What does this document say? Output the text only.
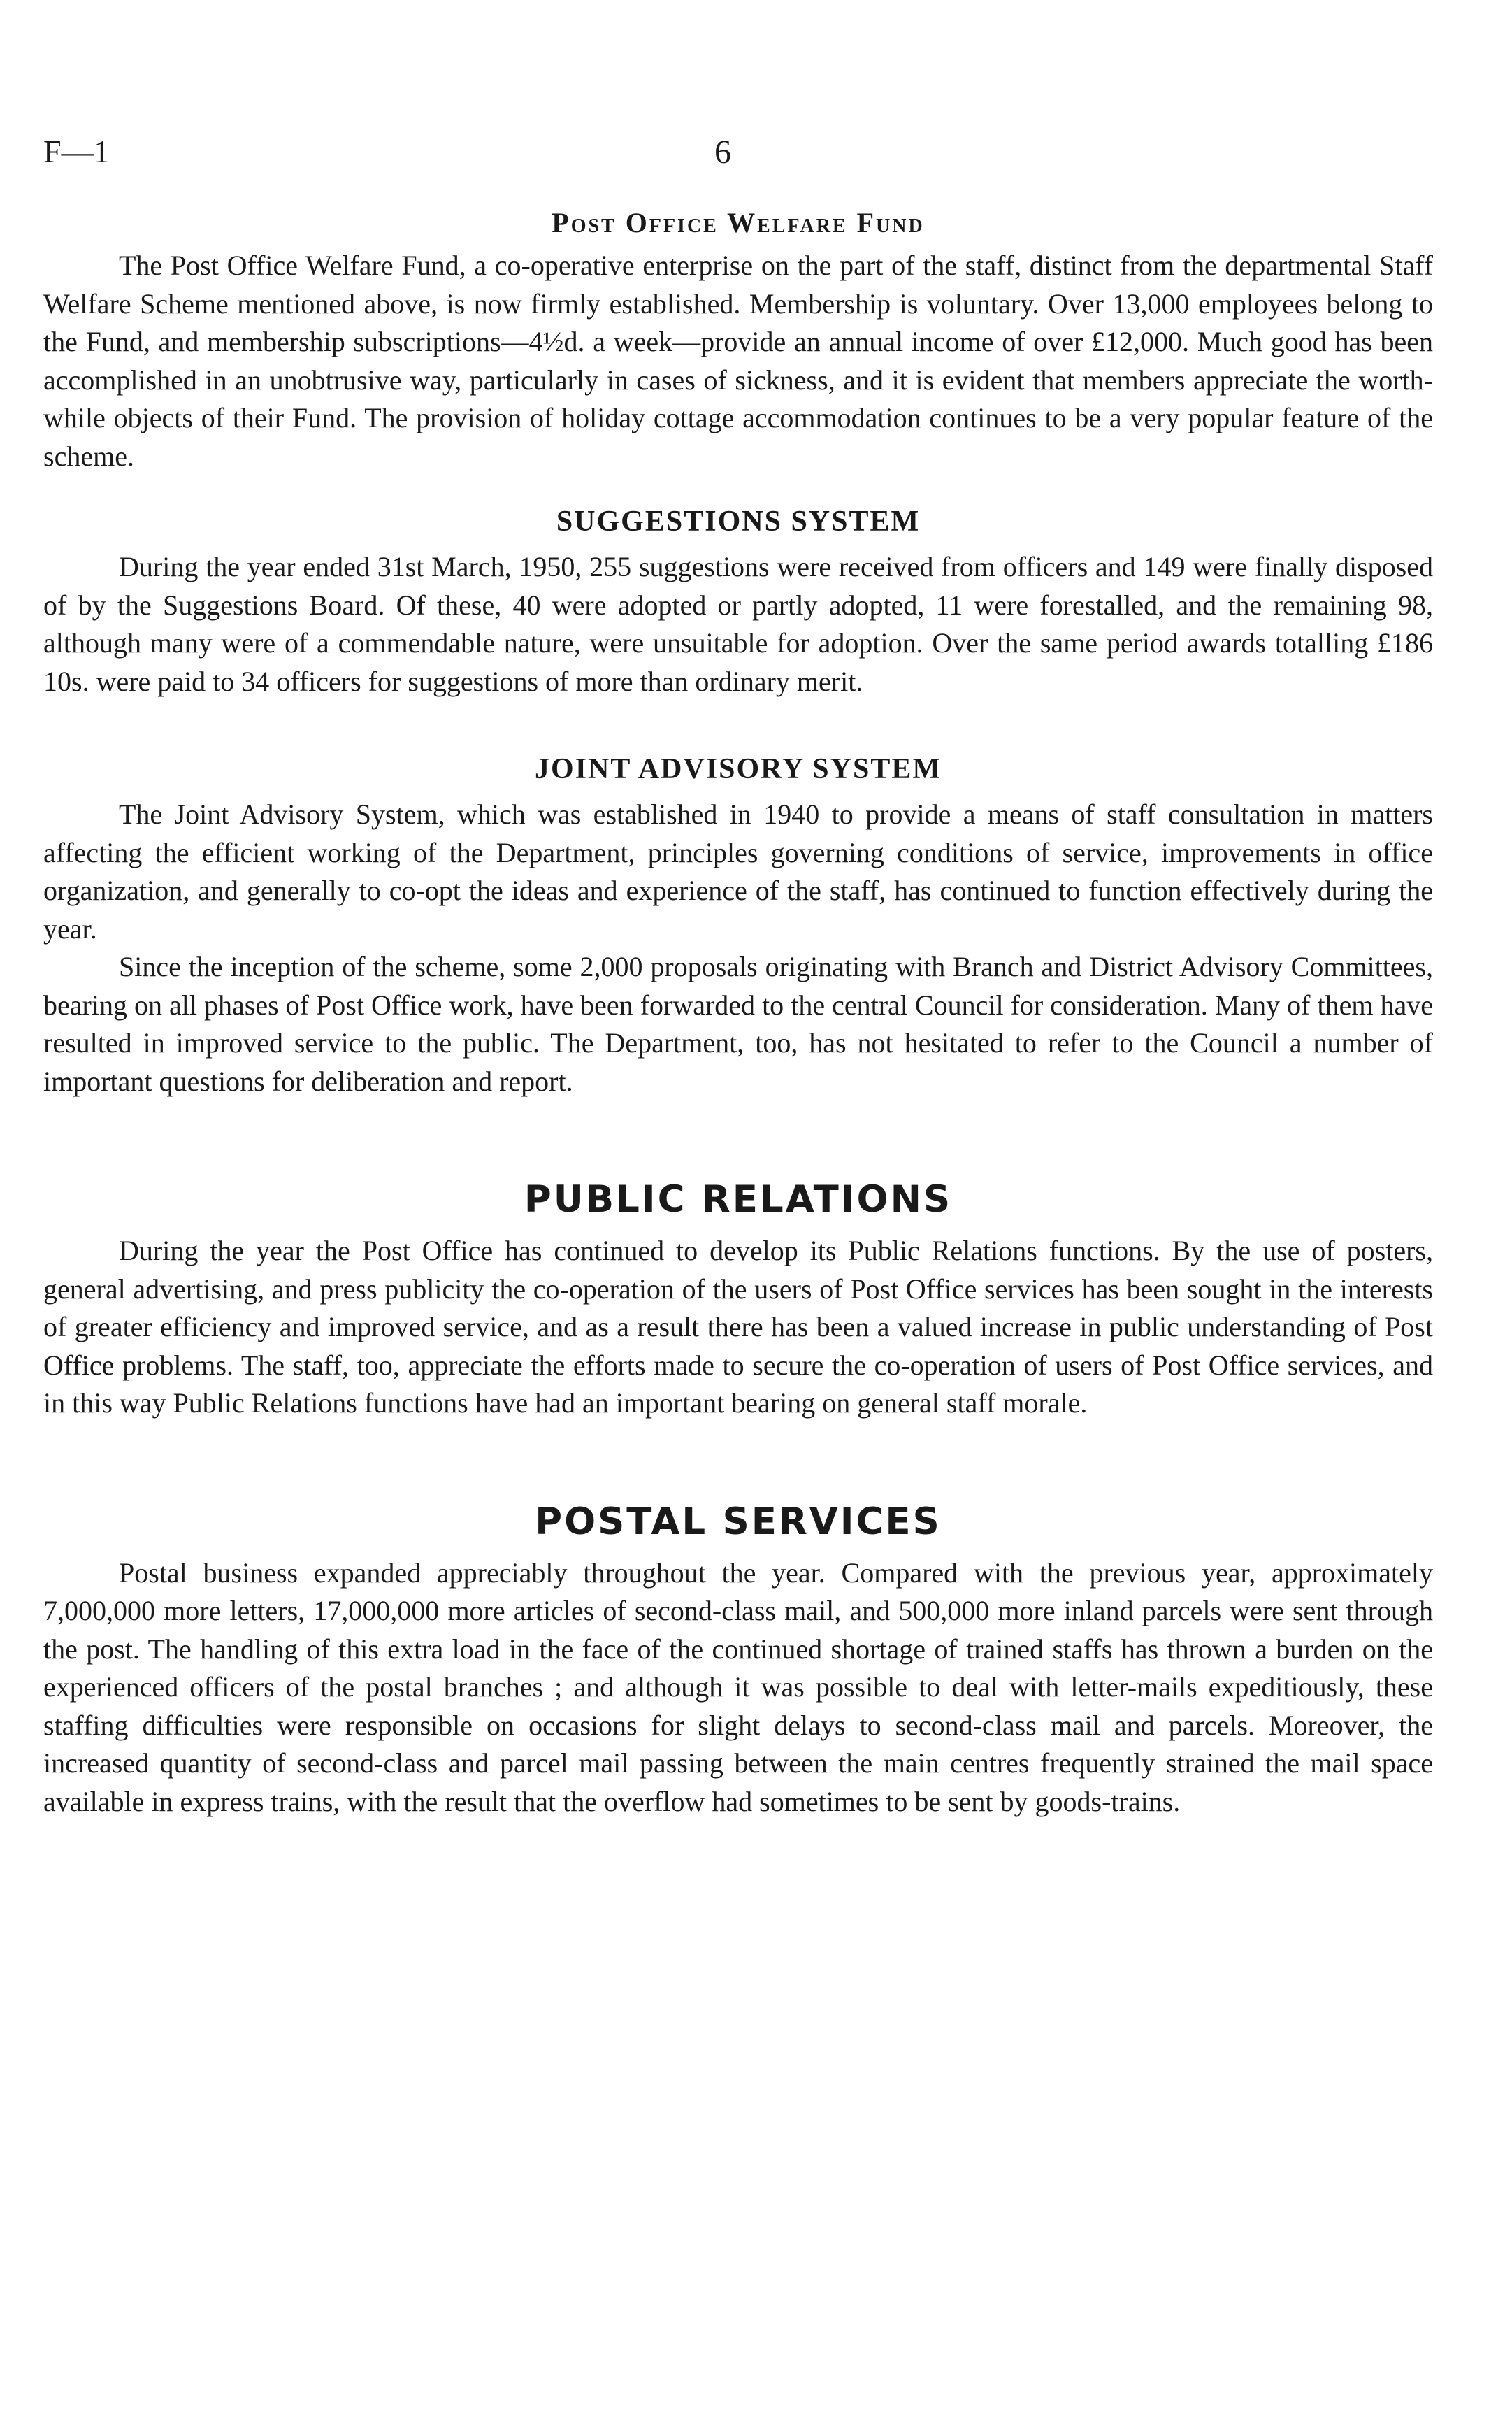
F—1	6
Post Office Welfare Fund

The Post Office Welfare Fund, a co-operative enterprise on the part of the staff, distinct from the departmental Staff Welfare Scheme mentioned above, is now firmly established. Membership is voluntary. Over 13,000 employees belong to the Fund, and membership subscriptions—4½d. a week—provide an annual income of over £12,000. Much good has been accomplished in an unobtrusive way, particularly in cases of sickness, and it is evident that members appreciate the worth-while objects of their Fund. The provision of holiday cottage accommodation continues to be a very popular feature of the scheme.

SUGGESTIONS SYSTEM

During the year ended 31st March, 1950, 255 suggestions were received from officers and 149 were finally disposed of by the Suggestions Board. Of these, 40 were adopted or partly adopted, 11 were forestalled, and the remaining 98, although many were of a commendable nature, were unsuitable for adoption. Over the same period awards totalling £186 10s. were paid to 34 officers for suggestions of more than ordinary merit.

JOINT ADVISORY SYSTEM

The Joint Advisory System, which was established in 1940 to provide a means of staff consultation in matters affecting the efficient working of the Department, principles governing conditions of service, improvements in office organization, and generally to co-opt the ideas and experience of the staff, has continued to function effectively during the year.

Since the inception of the scheme, some 2,000 proposals originating with Branch and District Advisory Committees, bearing on all phases of Post Office work, have been forwarded to the central Council for consideration. Many of them have resulted in improved service to the public. The Department, too, has not hesitated to refer to the Council a number of important questions for deliberation and report.

PUBLIC RELATIONS

During the year the Post Office has continued to develop its Public Relations functions. By the use of posters, general advertising, and press publicity the co-operation of the users of Post Office services has been sought in the interests of greater efficiency and improved service, and as a result there has been a valued increase in public understanding of Post Office problems. The staff, too, appreciate the efforts made to secure the co-operation of users of Post Office services, and in this way Public Relations functions have had an important bearing on general staff morale.

POSTAL SERVICES

Postal business expanded appreciably throughout the year. Compared with the previous year, approximately 7,000,000 more letters, 17,000,000 more articles of second-class mail, and 500,000 more inland parcels were sent through the post. The handling of this extra load in the face of the continued shortage of trained staffs has thrown a burden on the experienced officers of the postal branches ; and although it was possible to deal with letter-mails expeditiously, these staffing difficulties were responsible on occasions for slight delays to second-class mail and parcels. Moreover, the increased quantity of second-class and parcel mail passing between the main centres frequently strained the mail space available in express trains, with the result that the overflow had sometimes to be sent by goods-trains.
